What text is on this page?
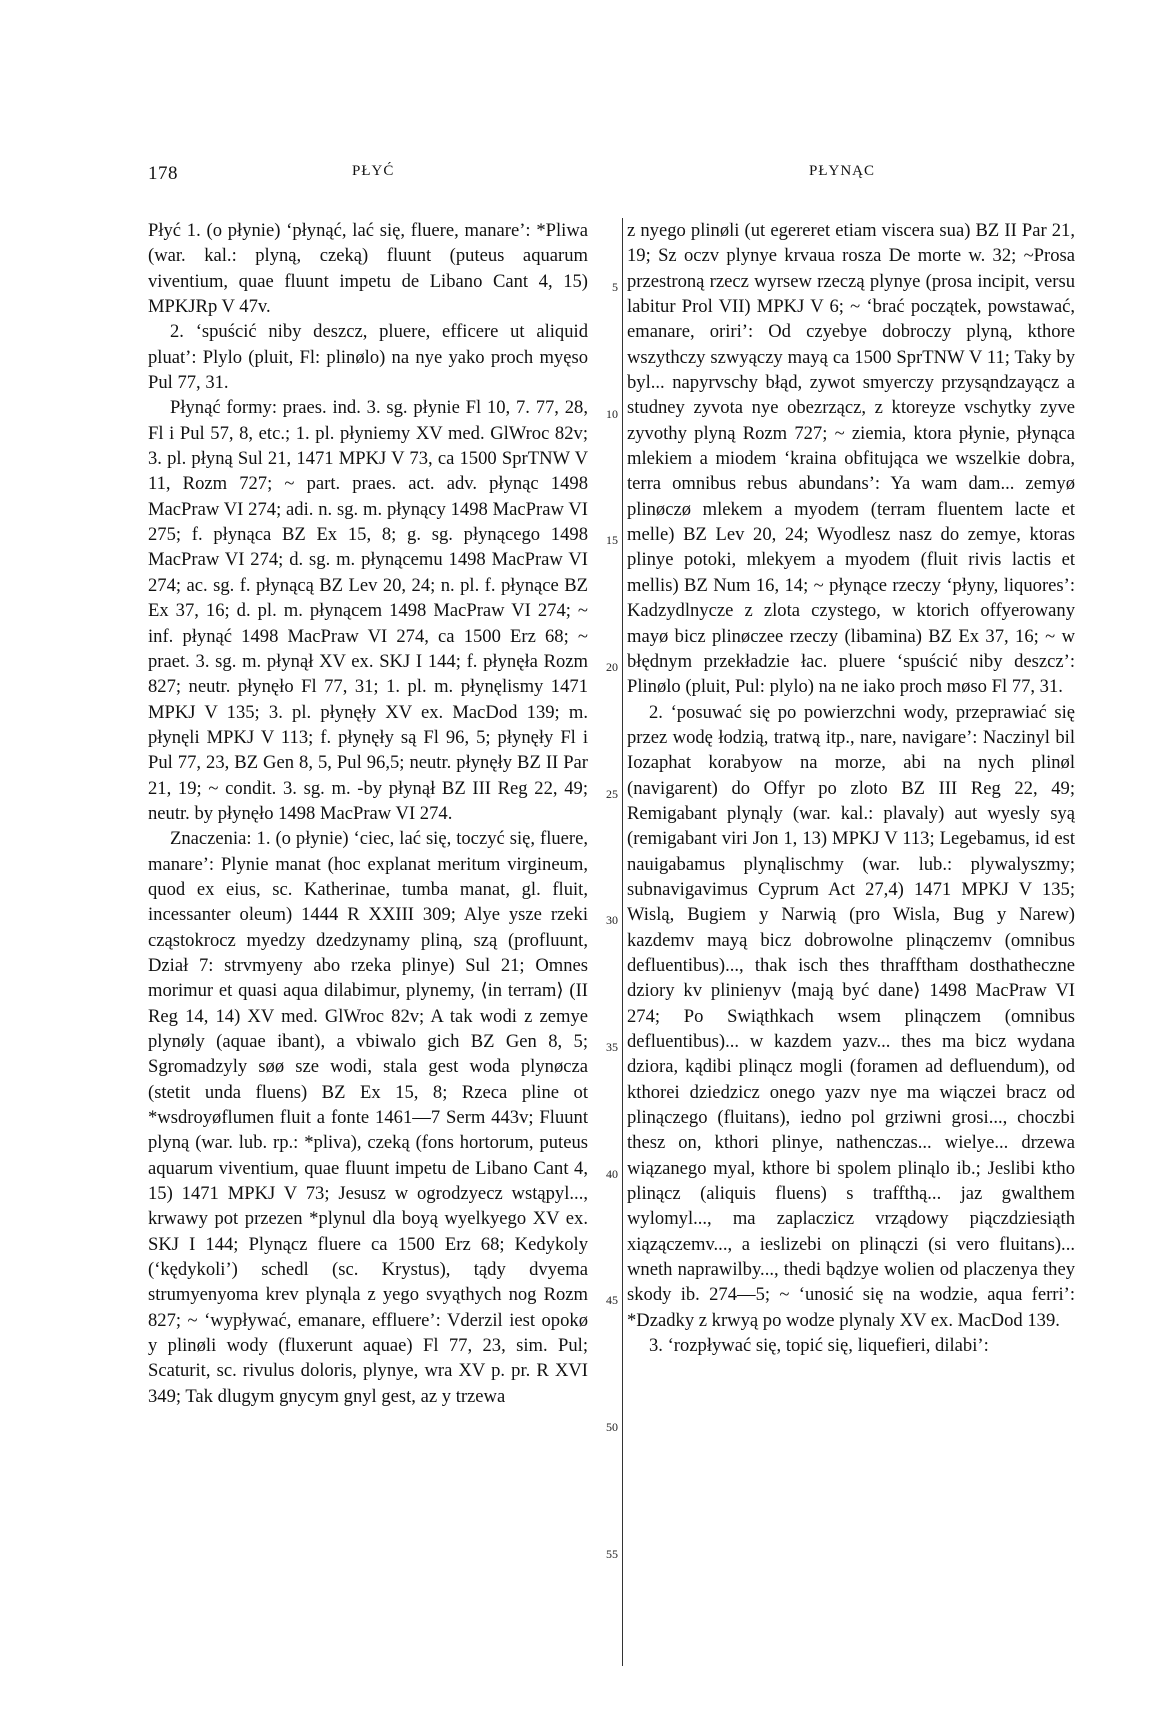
178	PŁYĆ	PŁYNĄC

Płyć 1. (o płynie) ʻpłynąć, lać się, fluere, manareʼ: *Pliwa (war. kal.: plyną, czeką) fluunt (puteus aquarum viventium, quae fluunt impetu de Libano Cant 4, 15) MPKJRp V 47v.

2. ʻspuścić niby deszcz, pluere, efficere ut aliquid pluatʼ: Plylo (pluit, Fl: plinølo) na nye yako proch myęso Pul 77, 31.

Płynąć formy: praes. ind. 3. sg. płynie Fl 10, 7. 77, 28, Fl i Pul 57, 8, etc.; 1. pl. płyniemy XV med. GlWroc 82v; 3. pl. płyną Sul 21, 1471 MPKJ V 73, ca 1500 SprTNW V 11, Rozm 727; ~ part. praes. act. adv. płynąc 1498 MacPraw VI 274; adi. n. sg. m. płynący 1498 MacPraw VI 275; f. płynąca BZ Ex 15, 8; g. sg. płynącego 1498 MacPraw VI 274; d. sg. m. płynącemu 1498 MacPraw VI 274; ac. sg. f. płynącą BZ Lev 20, 24; n. pl. f. płynące BZ Ex 37, 16; d. pl. m. płynącem 1498 MacPraw VI 274; ~ inf. płynąć 1498 MacPraw VI 274, ca 1500 Erz 68; ~ praet. 3. sg. m. płynął XV ex. SKJ I 144; f. płynęła Rozm 827; neutr. płynęło Fl 77, 31; 1. pl. m. płynęlismy 1471 MPKJ V 135; 3. pl. płynęły XV ex. MacDod 139; m. płynęli MPKJ V 113; f. płynęły są Fl 96, 5; płynęły Fl i Pul 77, 23, BZ Gen 8, 5, Pul 96,5; neutr. płynęły BZ II Par 21, 19; ~ condit. 3. sg. m. -by płynął BZ III Reg 22, 49; neutr. by płynęło 1498 MacPraw VI 274.

Znaczenia: 1. (o płynie) ʻciec, lać się, toczyć się, fluere, manareʼ: Plynie manat (hoc explanat meritum virgineum, quod ex eius, sc. Katherinae, tumba manat, gl. fluit, incessanter oleum) 1444 R XXIII 309; Alye ysze rzeki cząstokrocz myedzy dzedzynamy pliną, szą (profluunt, Dział 7: strvmyeny abo rzeka plinye) Sul 21; Omnes morimur et quasi aqua dilabimur, plynemy, ⟨in terram⟩ (II Reg 14, 14) XV med. GlWroc 82v; A tak wodi z zemye plynøly (aquae ibant), a vbiwalo gich BZ Gen 8, 5; Sgromadzyly søø sze wodi, stala gest woda plynøcza (stetit unda fluens) BZ Ex 15, 8; Rzeca pline ot *wsdroyøflumen fluit a fonte 1461—7 Serm 443v; Fluunt plyną (war. lub. rp.: *pliva), czeką (fons hortorum, puteus aquarum viventium, quae fluunt impetu de Libano Cant 4, 15) 1471 MPKJ V 73; Jesusz w ogrodzyecz wstąpyl..., krwawy pot przezen *plynul dla boyą wyelkyego XV ex. SKJ I 144; Plynącz fluere ca 1500 Erz 68; Kedykoly (ʻkędykoliʼ) schedl (sc. Krystus), tądy dvyema strumyenyoma krev plynąla z yego svyąthych nog Rozm 827; ~ ʻwypływać, emanare, effluereʼ: Vderzil iest opokø y plinøli wody (fluxerunt aquae) Fl 77, 23, sim. Pul; Scaturit, sc. rivulus doloris, plynye, wra XV p. pr. R XVI 349; Tak dlugym gnycym gnyl gest, az y trzewa

5
10
15
20
25
30
35
40
45
50
55

z nyego plinøli (ut egereret etiam viscera sua) BZ II Par 21, 19; Sz oczv plynye krvaua rosza De morte w. 32; ~Prosa przestroną rzecz wyrsew rzeczą plynye (prosa incipit, versu labitur Prol VII) MPKJ V 6; ~ ʻbrać początek, powstawać, emanare, oririʼ: Od czyebye dobroczy plyną, kthore wszythczy szwyączy mayą ca 1500 SprTNW V 11; Taky by byl... napyrvschy błąd, zywot smyerczy przysąndzayącz a studney zyvota nye obezrzącz, z ktoreyze vschytky zyve zyvothy plyną Rozm 727; ~ ziemia, ktora płynie, płynąca mlekiem a miodem ʻkraina obfitująca we wszelkie dobra, terra omnibus rebus abundansʼ: Ya wam dam... zemyø plinøczø mlekem a myodem (terram fluentem lacte et melle) BZ Lev 20, 24; Wyodlesz nasz do zemye, ktoras plinye potoki, mlekyem a myodem (fluit rivis lactis et mellis) BZ Num 16, 14; ~ płynące rzeczy ʻpłyny, liquoresʼ: Kadzydlnycze z zlota czystego, w ktorich offyerowany mayø bicz plinøczee rzeczy (libamina) BZ Ex 37, 16; ~ w błędnym przekładzie łac. pluere ʻspuścić niby deszczʼ: Plinølo (pluit, Pul: plylo) na ne iako proch møso Fl 77, 31.

2. ʻposuwać się po powierzchni wody, przeprawiać się przez wodę łodzią, tratwą itp., nare, navigareʼ: Naczinyl bil Iozaphat korabyow na morze, abi na nych plinøl (navigarent) do Offyr po zloto BZ III Reg 22, 49; Remigabant plynąly (war. kal.: plavaly) aut wyesly syą (remigabant viri Jon 1, 13) MPKJ V 113; Legebamus, id est nauigabamus plynąlischmy (war. lub.: plywalyszmy; subnavigavimus Cyprum Act 27,4) 1471 MPKJ V 135; Wislą, Bugiem y Narwią (pro Wisla, Bug y Narew) kazdemv mayą bicz dobrowolne plinączemv (omnibus defluentibus)..., thak isch thes thrafftham dosthatheczne dziory kv plinienyv ⟨mają być dane⟩ 1498 MacPraw VI 274; Po Swiąthkach wsem plinączem (omnibus defluentibus)... w kazdem yazv... thes ma bicz wydana dziora, kądibi plinącz mogli (foramen ad defluendum), od kthorei dziedzicz onego yazv nye ma wiączei bracz od plinączego (fluitans), iedno pol grziwni grosi..., choczbi thesz on, kthori plinye, nathenczas... wielye... drzewa wiązanego myal, kthore bi spolem plinąlo ib.; Jeslibi ktho plinącz (aliquis fluens) s traffthą... jaz gwalthem wylomyl..., ma zaplaczicz vrządowy piączdziesiąth xiązączemv..., a ieslizebi on plinączi (si vero fluitans)... wneth naprawilby..., thedi bądzye wolien od placzenya they skody ib. 274—5; ~ ʻunosić się na wodzie, aqua ferriʼ: *Dzadky z krwyą po wodze plynaly XV ex. MacDod 139.

3. ʻrozpływać się, topić się, liquefieri, dilabiʼ:
